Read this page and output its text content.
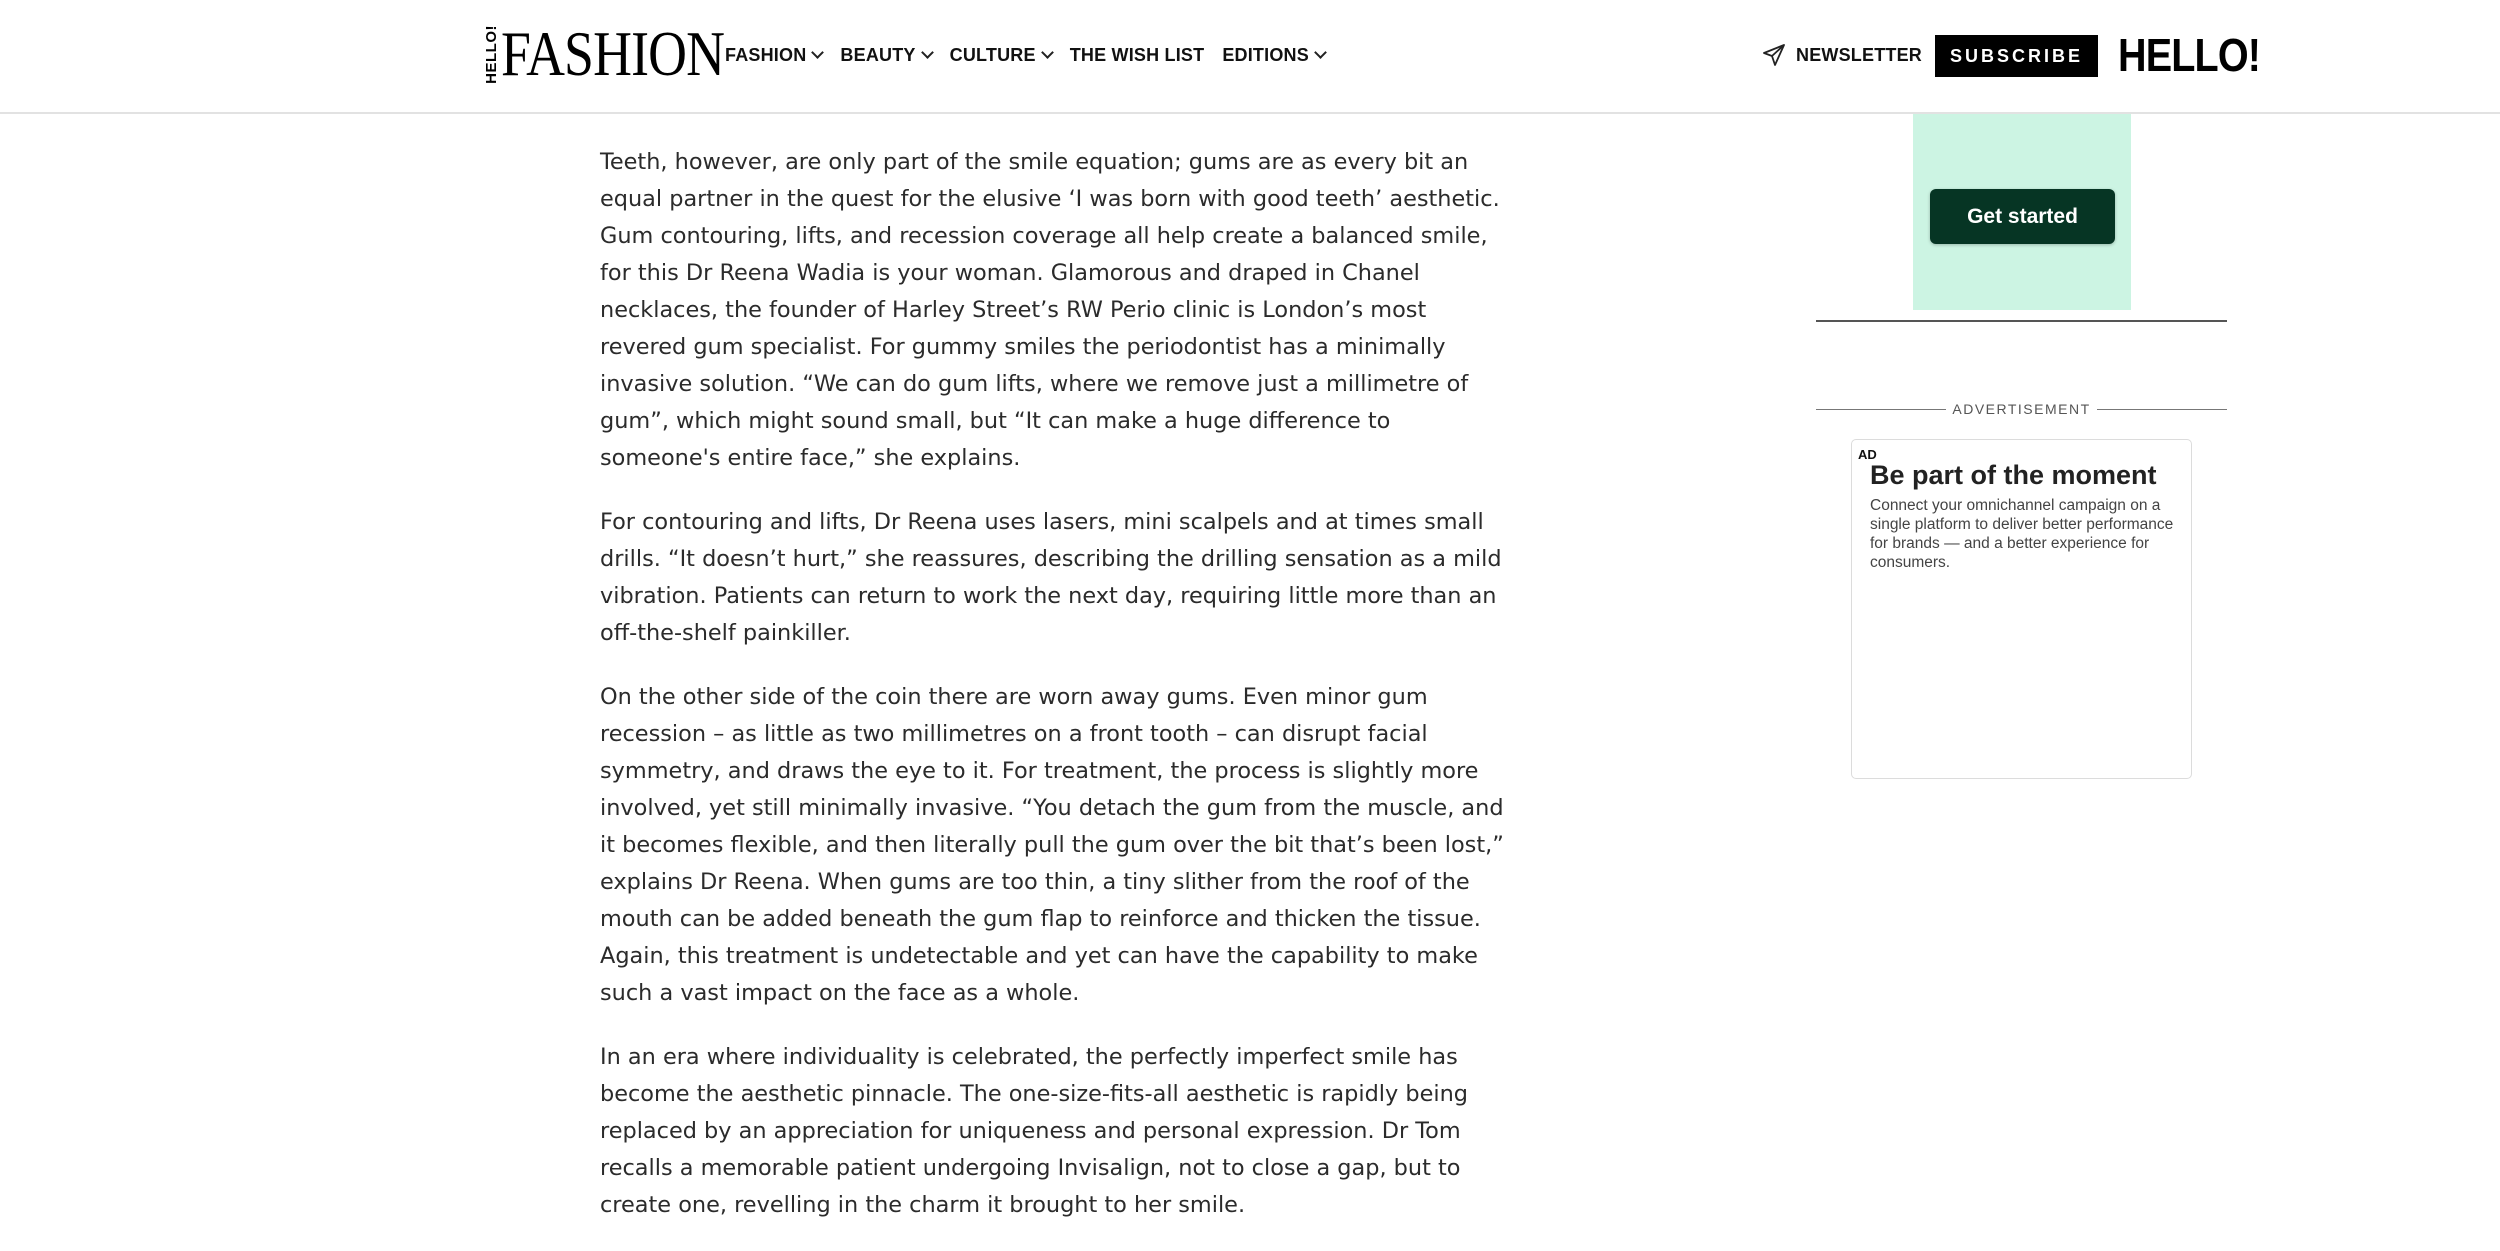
HELLO! FASHION FASHION BEAUTY CULTURE THE WISH LIST EDITIONS	NEWSLETTER	SUBSCRIBE HELLO!

Teeth, however, are only part of the smile equation; gums are as every bit an equal partner in the quest for the elusive ‘I was born with good teeth’ aesthetic. Gum contouring, lifts, and recession coverage all help create a balanced smile, for this Dr Reena Wadia is your woman. Glamorous and draped in Chanel necklaces, the founder of Harley Street’s RW Perio clinic is London’s most revered gum specialist. For gummy smiles the periodontist has a minimally invasive solution. “We can do gum lifts, where we remove just a millimetre of gum”, which might sound small, but “It can make a huge difference to someone's entire face,” she explains.

For contouring and lifts, Dr Reena uses lasers, mini scalpels and at times small drills. “It doesn’t hurt,” she reassures, describing the drilling sensation as a mild vibration. Patients can return to work the next day, requiring little more than an off-the-shelf painkiller.

On the other side of the coin there are worn away gums. Even minor gum recession – as little as two millimetres on a front tooth – can disrupt facial symmetry, and draws the eye to it. For treatment, the process is slightly more involved, yet still minimally invasive. “You detach the gum from the muscle, and it becomes flexible, and then literally pull the gum over the bit that’s been lost,” explains Dr Reena. When gums are too thin, a tiny slither from the roof of the mouth can be added beneath the gum flap to reinforce and thicken the tissue. Again, this treatment is undetectable and yet can have the capability to make such a vast impact on the face as a whole.

In an era where individuality is celebrated, the perfectly imperfect smile has become the aesthetic pinnacle. The one-size-fits-all aesthetic is rapidly being replaced by an appreciation for uniqueness and personal expression. Dr Tom recalls a memorable patient undergoing Invisalign, not to close a gap, but to create one, revelling in the charm it brought to her smile.

Get started
ADVERTISEMENT
AD
Be part of the moment
Connect your omnichannel campaign on a single platform to deliver better performance for brands — and a better experience for consumers.
